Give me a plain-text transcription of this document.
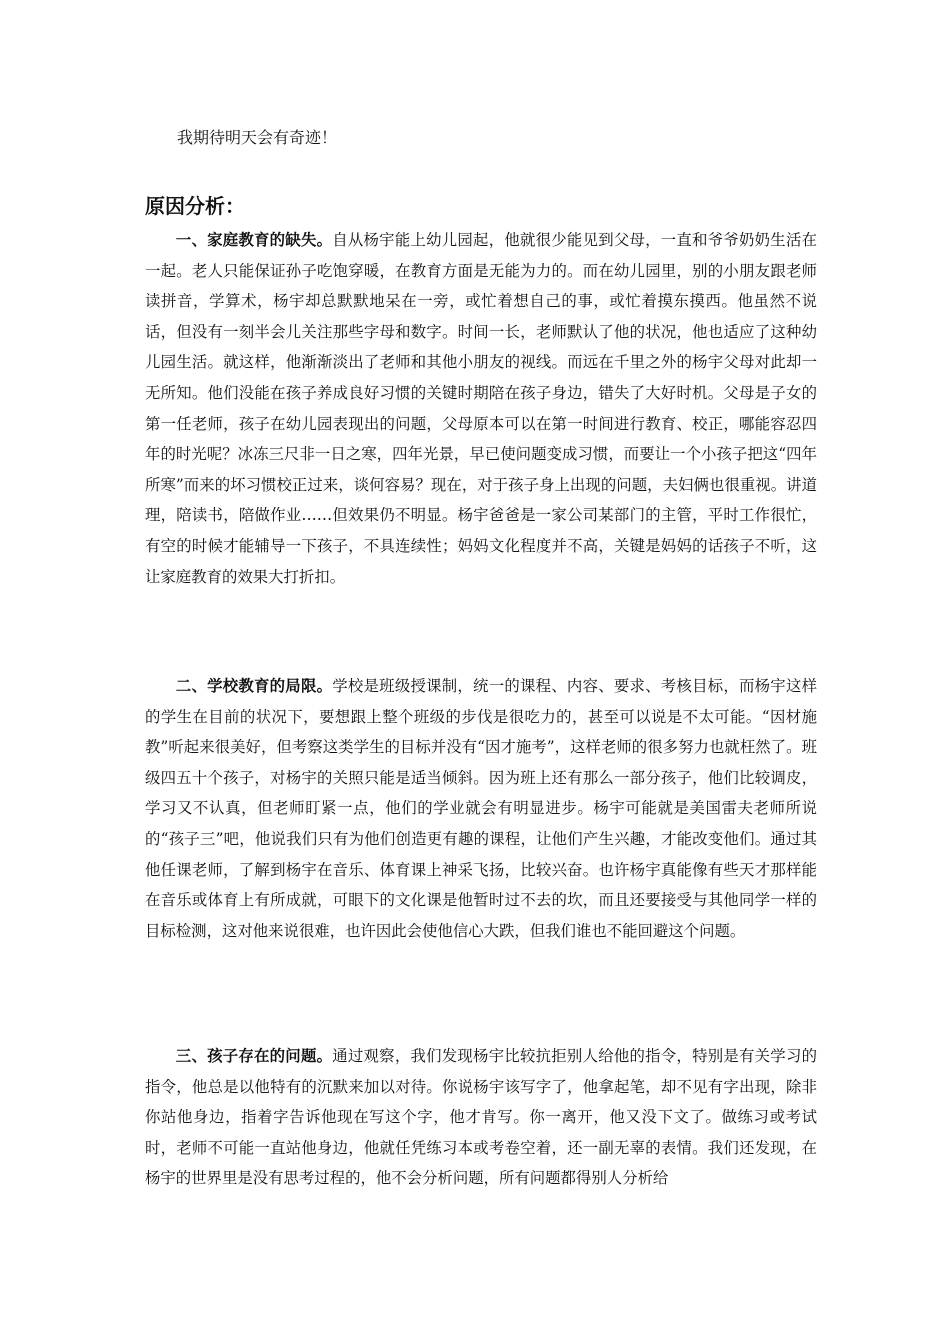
我期待明天会有奇迹！
原因分析：

一、家庭教育的缺失。自从杨宇能上幼儿园起，他就很少能见到父母，一直和爷爷奶奶生活在一起。老人只能保证孙子吃饱穿暖，在教育方面是无能为力的。而在幼儿园里，别的小朋友跟老师读拼音，学算术，杨宇却总默默地呆在一旁，或忙着想自己的事，或忙着摸东摸西。他虽然不说话，但没有一刻半会儿关注那些字母和数字。时间一长，老师默认了他的状况，他也适应了这种幼儿园生活。就这样，他渐渐淡出了老师和其他小朋友的视线。而远在千里之外的杨宇父母对此却一无所知。他们没能在孩子养成良好习惯的关键时期陪在孩子身边，错失了大好时机。父母是子女的第一任老师，孩子在幼儿园表现出的问题，父母原本可以在第一时间进行教育、校正，哪能容忍四年的时光呢？冰冻三尺非一日之寒，四年光景，早已使问题变成习惯，而要让一个小孩子把这“四年所寒”而来的坏习惯校正过来，谈何容易？现在，对于孩子身上出现的问题，夫妇俩也很重视。讲道理，陪读书，陪做作业……但效果仍不明显。杨宇爸爸是一家公司某部门的主管，平时工作很忙，有空的时候才能辅导一下孩子，不具连续性；妈妈文化程度并不高，关键是妈妈的话孩子不听，这让家庭教育的效果大打折扣。

二、学校教育的局限。学校是班级授课制，统一的课程、内容、要求、考核目标，而杨宇这样的学生在目前的状况下，要想跟上整个班级的步伐是很吃力的，甚至可以说是不太可能。“因材施教”听起来很美好，但考察这类学生的目标并没有“因才施考”，这样老师的很多努力也就枉然了。班级四五十个孩子，对杨宇的关照只能是适当倾斜。因为班上还有那么一部分孩子，他们比较调皮，学习又不认真，但老师盯紧一点，他们的学业就会有明显进步。杨宇可能就是美国雷夫老师所说的“孩子三”吧，他说我们只有为他们创造更有趣的课程，让他们产生兴趣，才能改变他们。通过其他任课老师，了解到杨宇在音乐、体育课上神采飞扬，比较兴奋。也许杨宇真能像有些天才那样能在音乐或体育上有所成就，可眼下的文化课是他暂时过不去的坎，而且还要接受与其他同学一样的目标检测，这对他来说很难，也许因此会使他信心大跌，但我们谁也不能回避这个问题。

三、孩子存在的问题。通过观察，我们发现杨宇比较抗拒别人给他的指令，特别是有关学习的指令，他总是以他特有的沉默来加以对待。你说杨宇该写字了，他拿起笔，却不见有字出现，除非你站他身边，指着字告诉他现在写这个字，他才肯写。你一离开，他又没下文了。做练习或考试时，老师不可能一直站他身边，他就任凭练习本或考卷空着，还一副无辜的表情。我们还发现，在杨宇的世界里是没有思考过程的，他不会分析问题，所有问题都得别人分析给
